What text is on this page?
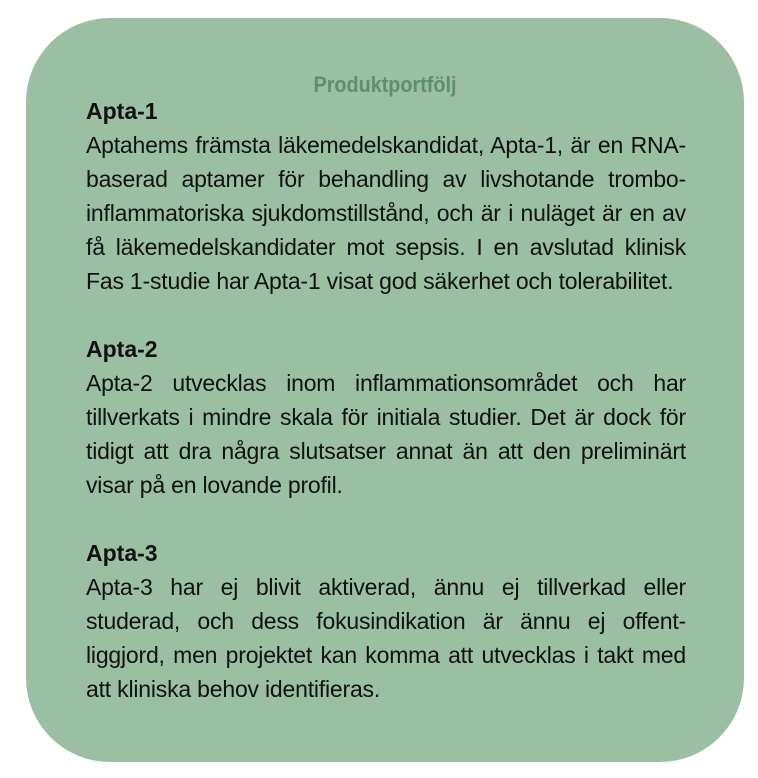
Produktportfölj
Apta-1
Aptahems främsta läkemedelskandidat, Apta-1, är en RNA-baserad aptamer för behandling av livshotande trombo-inflammatoriska sjukdomstillstånd, och är i nuläget är en av få läkemedelskandidater mot sepsis. I en avslutad klinisk Fas 1-studie har Apta-1 visat god säkerhet och tolerabilitet.
Apta-2
Apta-2 utvecklas inom inflammationsområdet och har tillverkats i mindre skala för initiala studier. Det är dock för tidigt att dra några slutsatser annat än att den preliminärt visar på en lovande profil.
Apta-3
Apta-3 har ej blivit aktiverad, ännu ej tillverkad eller studerad, och dess fokusindikation är ännu ej offent-liggjord, men projektet kan komma att utvecklas i takt med att kliniska behov identifieras.
